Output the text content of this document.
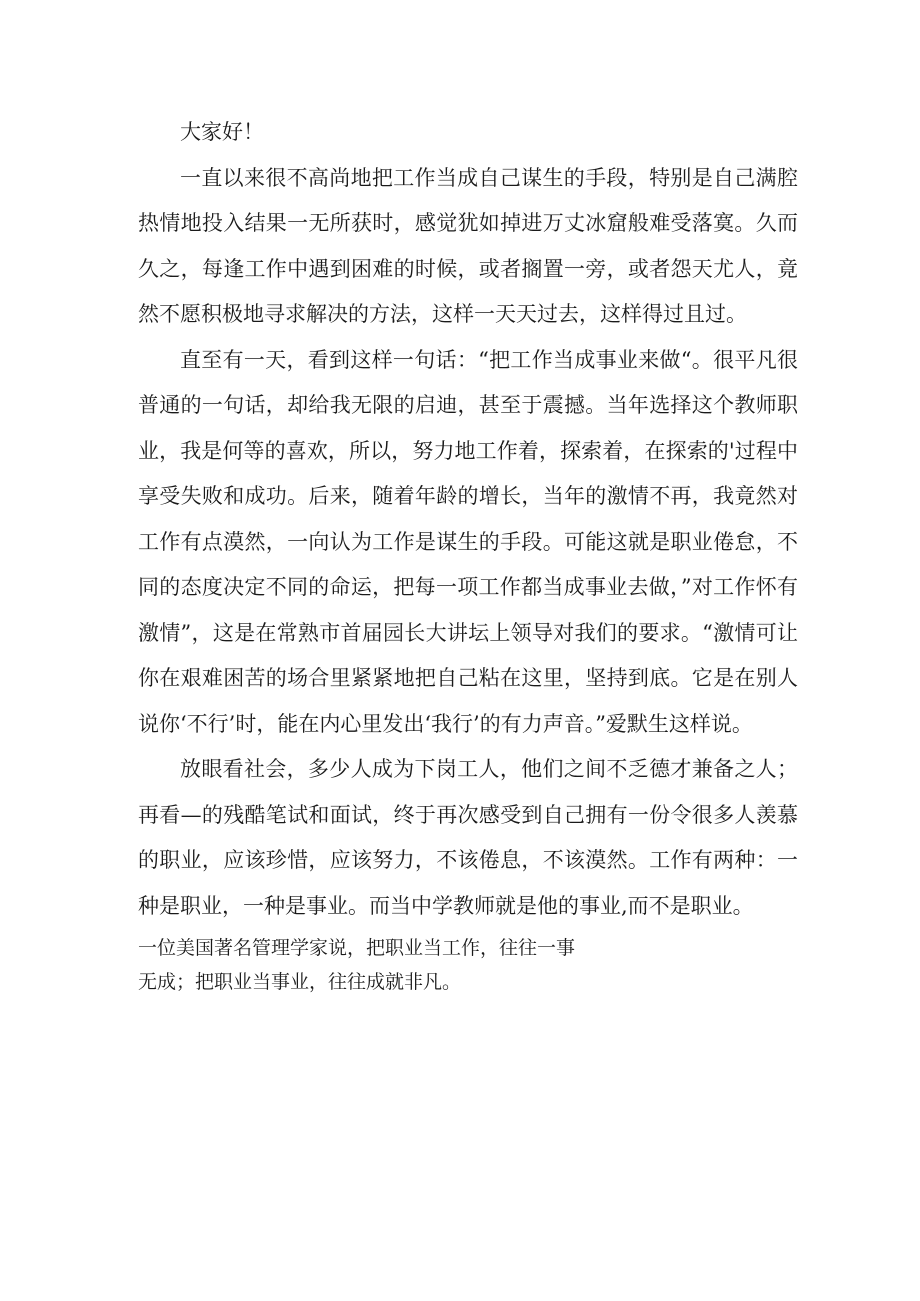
大家好！

一直以来很不高尚地把工作当成自己谋生的手段，特别是自己满腔热情地投入结果一无所获时，感觉犹如掉进万丈冰窟般难受落寞。久而久之，每逢工作中遇到困难的时候，或者搁置一旁，或者怨天尤人，竟然不愿积极地寻求解决的方法，这样一天天过去，这样得过且过。

直至有一天，看到这样一句话：“把工作当成事业来做“。很平凡很普通的一句话，却给我无限的启迪，甚至于震撼。当年选择这个教师职业，我是何等的喜欢，所以，努力地工作着，探索着，在探索的'过程中享受失败和成功。后来，随着年龄的增长，当年的激情不再，我竟然对工作有点漠然，一向认为工作是谋生的手段。可能这就是职业倦怠，不同的态度决定不同的命运，把每一项工作都当成事业去做，”对工作怀有激情”，这是在常熟市首届园长大讲坛上领导对我们的要求。“激情可让你在艰难困苦的场合里紧紧地把自己粘在这里，坚持到底。它是在别人说你‘不行’时，能在内心里发出‘我行’的有力声音。”爱默生这样说。

放眼看社会，多少人成为下岗工人，他们之间不乏德才兼备之人；再看—的残酷笔试和面试，终于再次感受到自己拥有一份令很多人羡慕的职业，应该珍惜，应该努力，不该倦息，不该漠然。工作有两种：一种是职业，一种是事业。而当中学教师就是他的事业,而不是职业。

一位美国著名管理学家说，把职业当工作，往往一事

无成；把职业当事业，往往成就非凡。
